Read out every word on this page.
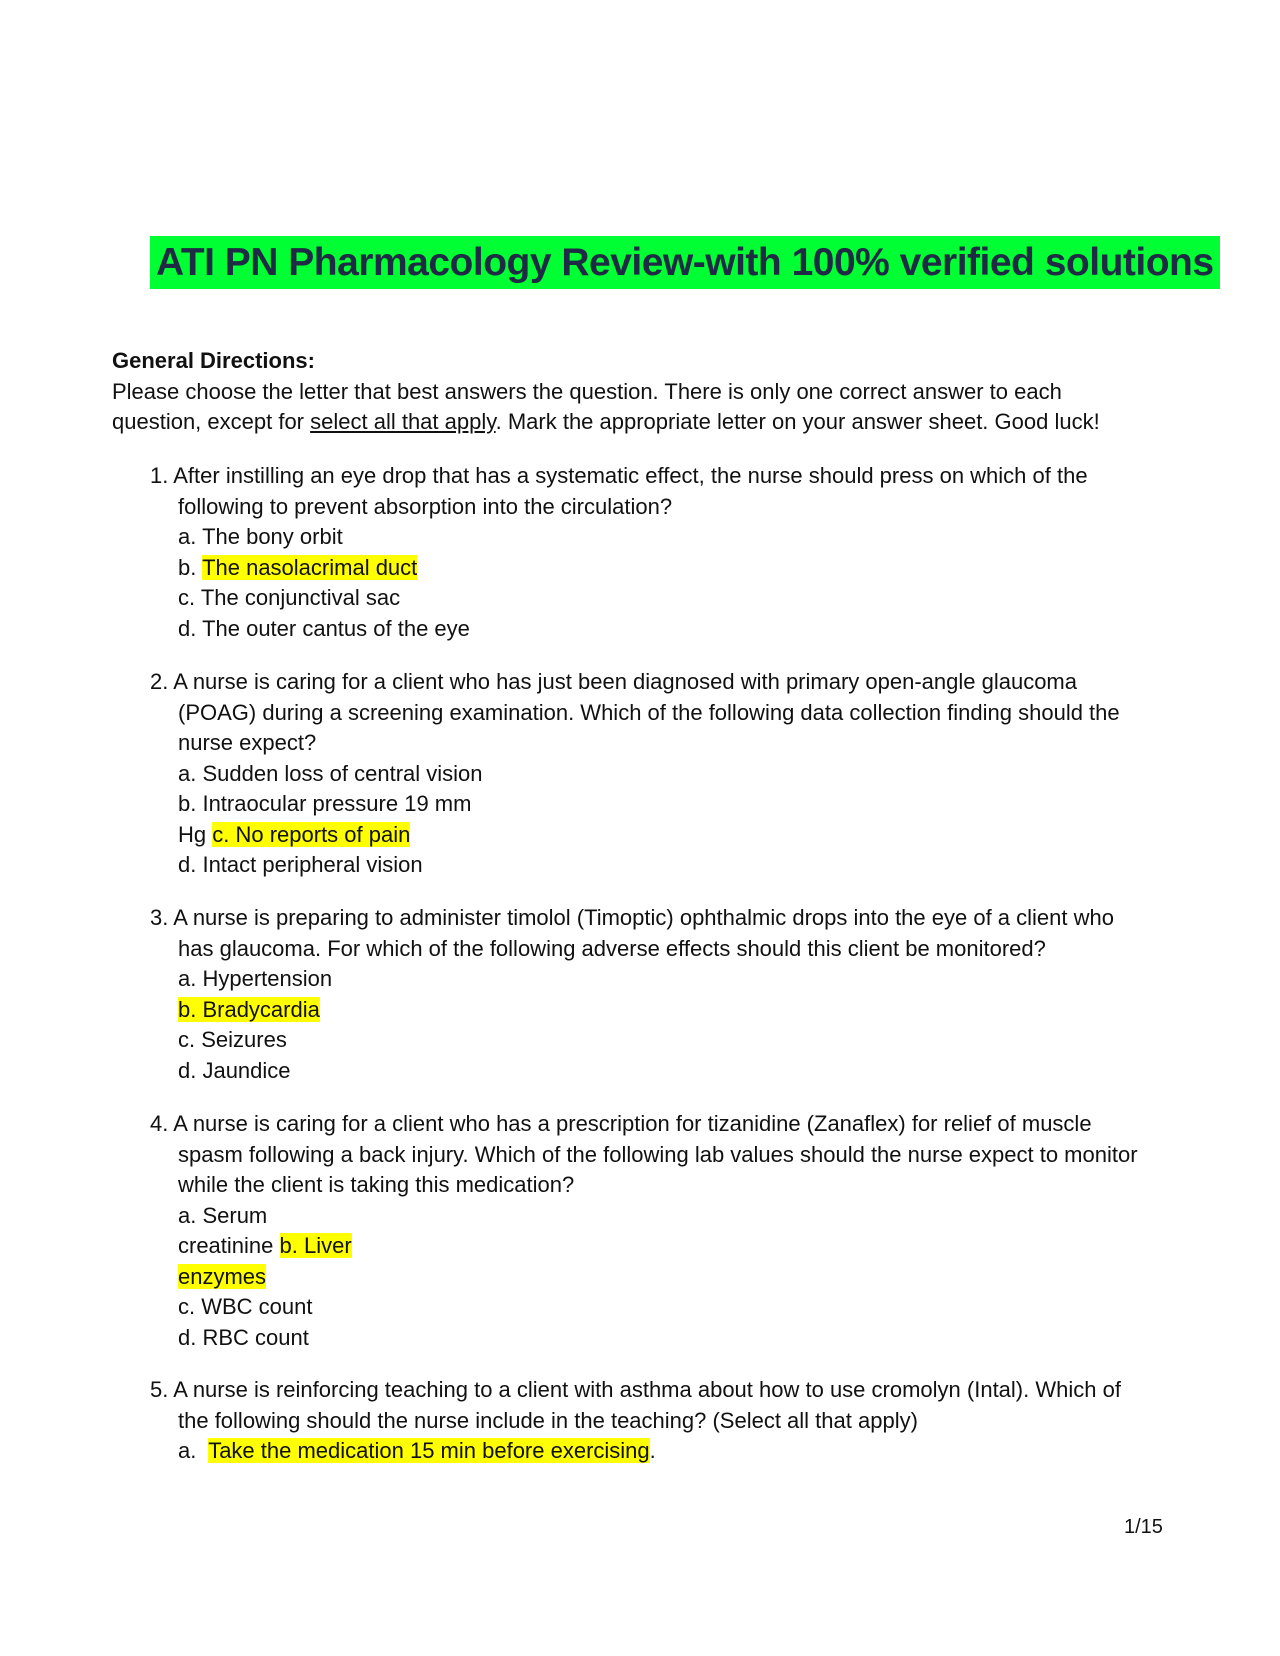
ATI PN Pharmacology Review-with 100% verified solutions
General Directions:
Please choose the letter that best answers the question. There is only one correct answer to each
question, except for select all that apply. Mark the appropriate letter on your answer sheet. Good luck!
1. After instilling an eye drop that has a systematic effect, the nurse should press on which of the following to prevent absorption into the circulation?
a. The bony orbit
b. The nasolacrimal duct
c. The conjunctival sac
d. The outer cantus of the eye
2. A nurse is caring for a client who has just been diagnosed with primary open-angle glaucoma (POAG) during a screening examination. Which of the following data collection finding should the nurse expect?
a. Sudden loss of central vision
b. Intraocular pressure 19 mm
Hg c. No reports of pain
d. Intact peripheral vision
3. A nurse is preparing to administer timolol (Timoptic) ophthalmic drops into the eye of a client who has glaucoma. For which of the following adverse effects should this client be monitored?
a. Hypertension
b. Bradycardia
c. Seizures
d. Jaundice
4. A nurse is caring for a client who has a prescription for tizanidine (Zanaflex) for relief of muscle spasm following a back injury. Which of the following lab values should the nurse expect to monitor while the client is taking this medication?
a. Serum
creatinine b. Liver
enzymes
c. WBC count
d. RBC count
5. A nurse is reinforcing teaching to a client with asthma about how to use cromolyn (Intal). Which of the following should the nurse include in the teaching? (Select all that apply)
a.  Take the medication 15 min before exercising.
1/15
